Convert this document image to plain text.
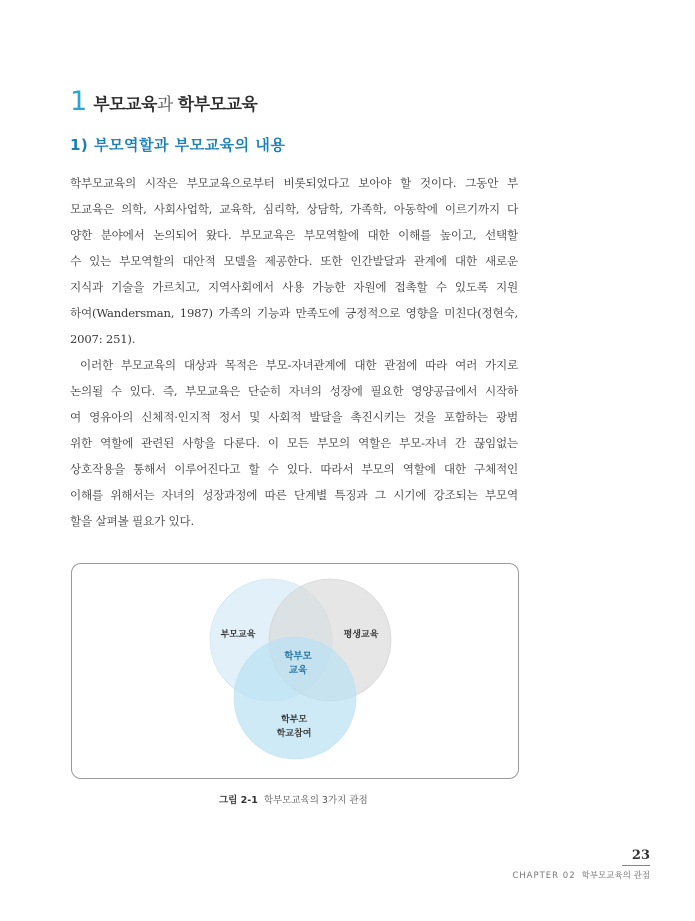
1 부모교육과 학부모교육
1) 부모역할과 부모교육의 내용
학부모교육의 시작은 부모교육으로부터 비롯되었다고 보아야 할 것이다. 그동안 부
모교육은 의학, 사회사업학, 교육학, 심리학, 상담학, 가족학, 아동학에 이르기까지 다
양한 분야에서 논의되어 왔다. 부모교육은 부모역할에 대한 이해를 높이고, 선택할
수 있는 부모역할의 대안적 모델을 제공한다. 또한 인간발달과 관계에 대한 새로운
지식과 기술을 가르치고, 지역사회에서 사용 가능한 자원에 접촉할 수 있도록 지원
하여(Wandersman, 1987) 가족의 기능과 만족도에 긍정적으로 영향을 미친다(정현숙,
2007: 251).
이러한 부모교육의 대상과 목적은 부모-자녀관계에 대한 관점에 따라 여러 가지로
논의될 수 있다. 즉, 부모교육은 단순히 자녀의 성장에 필요한 영양공급에서 시작하
여 영유아의 신체적·인지적 정서 및 사회적 발달을 촉진시키는 것을 포함하는 광범
위한 역할에 관련된 사항을 다룬다. 이 모든 부모의 역할은 부모-자녀 간 끊임없는
상호작용을 통해서 이루어진다고 할 수 있다. 따라서 부모의 역할에 대한 구체적인
이해를 위해서는 자녀의 성장과정에 따른 단계별 특징과 그 시기에 강조되는 부모역
할을 살펴볼 필요가 있다.
부모교육	평생교육
학부모
교육
학부모
학교참여
그림 2-1 학부모교육의 3가지 관점
23
CHAPTER 02 학부모교육의 관점
